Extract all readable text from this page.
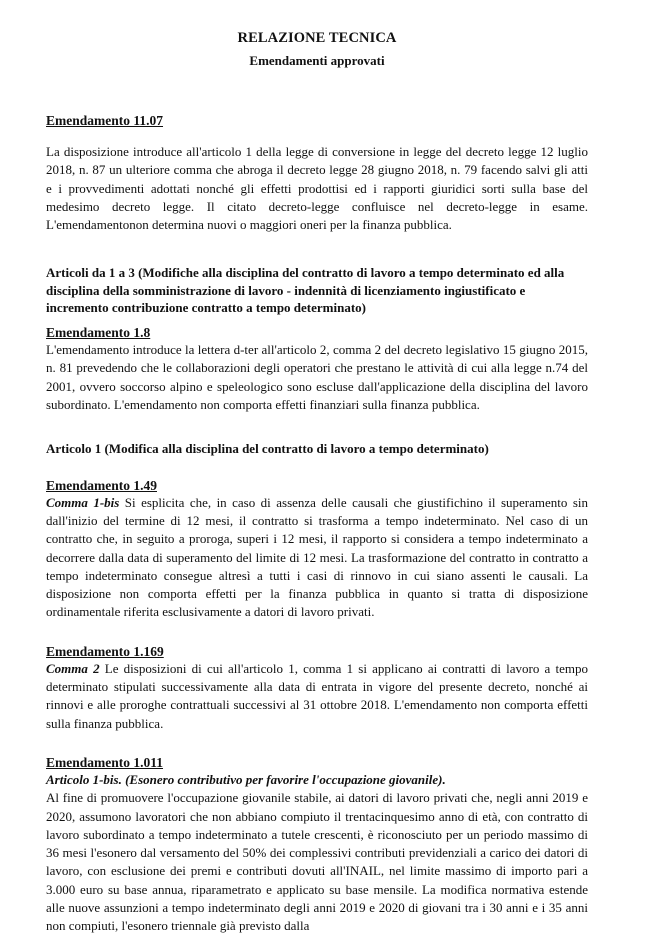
RELAZIONE TECNICA
Emendamenti approvati

Emendamento 11.07

La disposizione introduce all'articolo 1 della legge di conversione in legge del decreto legge 12 luglio 2018, n. 87 un ulteriore comma che abroga il decreto legge 28 giugno 2018, n. 79 facendo salvi gli atti e i provvedimenti adottati nonché gli effetti prodottisi ed i rapporti giuridici sorti sulla base del medesimo decreto legge. Il citato decreto-legge confluisce nel decreto-legge in esame. L'emendamentonon determina nuovi o maggiori oneri per la finanza pubblica.

Articoli da 1 a 3 (Modifiche alla disciplina del contratto di lavoro a tempo determinato ed alla disciplina della somministrazione di lavoro - indennità di licenziamento ingiustificato e incremento contribuzione contratto a tempo determinato)

Emendamento 1.8

L'emendamento introduce la lettera d-ter all'articolo 2, comma 2 del decreto legislativo 15 giugno 2015, n. 81 prevedendo che le collaborazioni degli operatori che prestano le attività di cui alla legge n.74 del 2001, ovvero soccorso alpino e speleologico sono escluse dall'applicazione della disciplina del lavoro subordinato. L'emendamento non comporta effetti finanziari sulla finanza pubblica.

Articolo 1 (Modifica alla disciplina del contratto di lavoro a tempo determinato)

Emendamento 1.49

Comma 1-bis Si esplicita che, in caso di assenza delle causali che giustifichino il superamento sin dall'inizio del termine di 12 mesi, il contratto si trasforma a tempo indeterminato. Nel caso di un contratto che, in seguito a proroga, superi i 12 mesi, il rapporto si considera a tempo indeterminato a decorrere dalla data di superamento del limite di 12 mesi. La trasformazione del contratto in contratto a tempo indeterminato consegue altresì a tutti i casi di rinnovo in cui siano assenti le causali. La disposizione non comporta effetti per la finanza pubblica in quanto si tratta di disposizione ordinamentale riferita esclusivamente a datori di lavoro privati.

Emendamento 1.169

Comma 2 Le disposizioni di cui all'articolo 1, comma 1 si applicano ai contratti di lavoro a tempo determinato stipulati successivamente alla data di entrata in vigore del presente decreto, nonché ai rinnovi e alle proroghe contrattuali successivi al 31 ottobre 2018. L'emendamento non comporta effetti sulla finanza pubblica.

Emendamento 1.011

Articolo 1-bis. (Esonero contributivo per favorire l'occupazione giovanile).

Al fine di promuovere l'occupazione giovanile stabile, ai datori di lavoro privati che, negli anni 2019 e 2020, assumono lavoratori che non abbiano compiuto il trentacinquesimo anno di età, con contratto di lavoro subordinato a tempo indeterminato a tutele crescenti, è riconosciuto per un periodo massimo di 36 mesi l'esonero dal versamento del 50% dei complessivi contributi previdenziali a carico dei datori di lavoro, con esclusione dei premi e contributi dovuti all'INAIL, nel limite massimo di importo pari a 3.000 euro su base annua, riparametrato e applicato su base mensile. La modifica normativa estende alle nuove assunzioni a tempo indeterminato degli anni 2019 e 2020 di giovani tra i 30 anni e i 35 anni non compiuti, l'esonero triennale già previsto dalla
